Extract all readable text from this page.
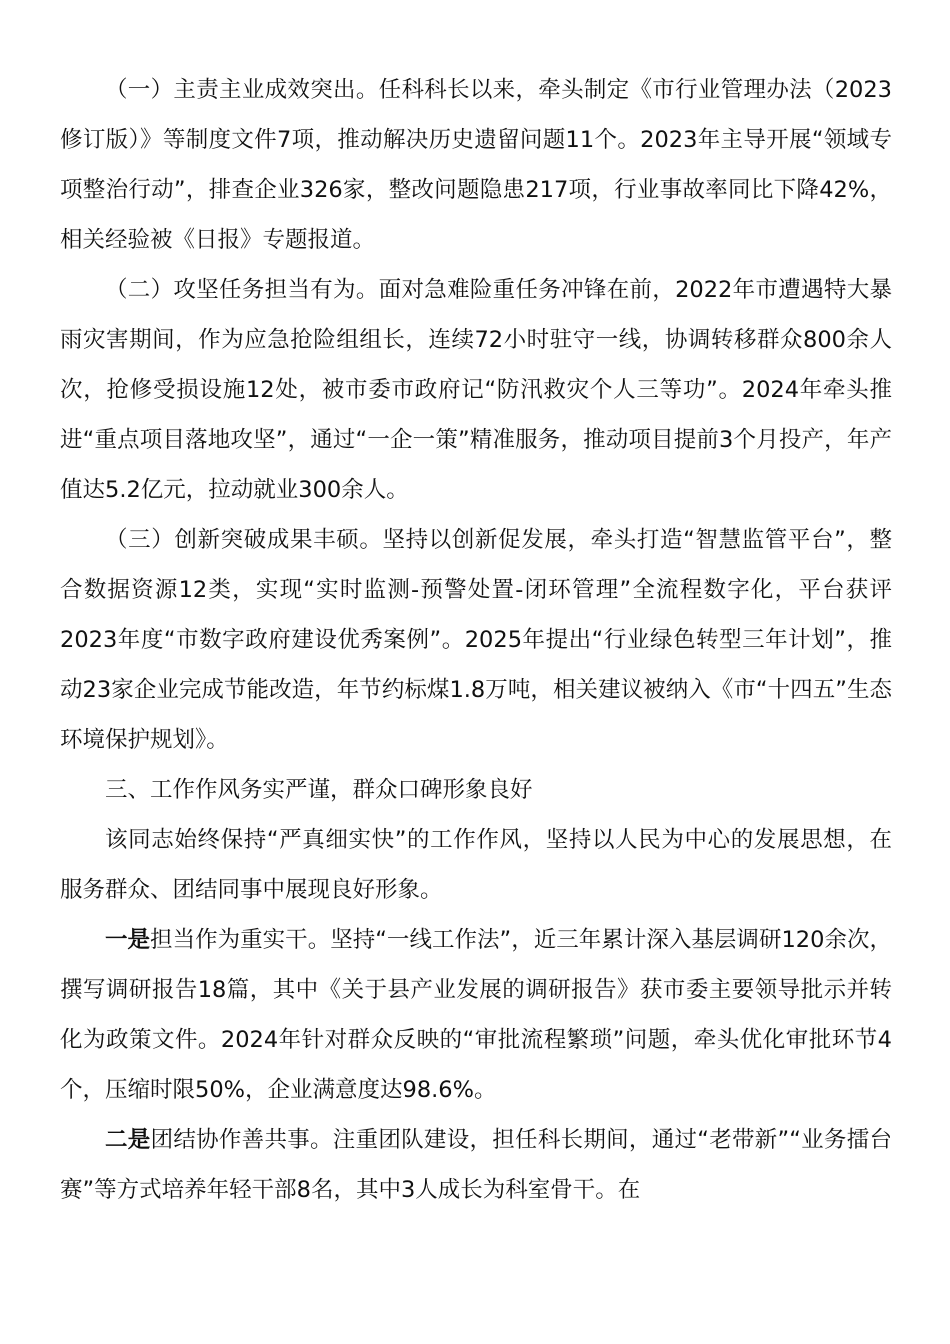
（一）主责主业成效突出。任科科长以来，牵头制定《市行业管理办法（2023修订版）》等制度文件7项，推动解决历史遗留问题11个。2023年主导开展“领域专项整治行动”，排查企业326家，整改问题隐患217项，行业事故率同比下降42%，相关经验被《日报》专题报道。

（二）攻坚任务担当有为。面对急难险重任务冲锋在前，2022年市遭遇特大暴雨灾害期间，作为应急抢险组组长，连续72小时驻守一线，协调转移群众800余人次，抢修受损设施12处，被市委市政府记“防汛救灾个人三等功”。2024年牵头推进“重点项目落地攻坚”，通过“一企一策”精准服务，推动项目提前3个月投产，年产值达5.2亿元，拉动就业300余人。

（三）创新突破成果丰硕。坚持以创新促发展，牵头打造“智慧监管平台”，整合数据资源12类，实现“实时监测-预警处置-闭环管理”全流程数字化，平台获评2023年度“市数字政府建设优秀案例”。2025年提出“行业绿色转型三年计划”，推动23家企业完成节能改造，年节约标煤1.8万吨，相关建议被纳入《市“十四五”生态环境保护规划》。

三、工作作风务实严谨，群众口碑形象良好

该同志始终保持“严真细实快”的工作作风，坚持以人民为中心的发展思想，在服务群众、团结同事中展现良好形象。

一是担当作为重实干。坚持“一线工作法”，近三年累计深入基层调研120余次，撰写调研报告18篇，其中《关于县产业发展的调研报告》获市委主要领导批示并转化为政策文件。2024年针对群众反映的“审批流程繁琐”问题，牵头优化审批环节4个，压缩时限50%，企业满意度达98.6%。

二是团结协作善共事。注重团队建设，担任科长期间，通过“老带新”“业务擂台赛”等方式培养年轻干部8名，其中3人成长为科室骨干。在
